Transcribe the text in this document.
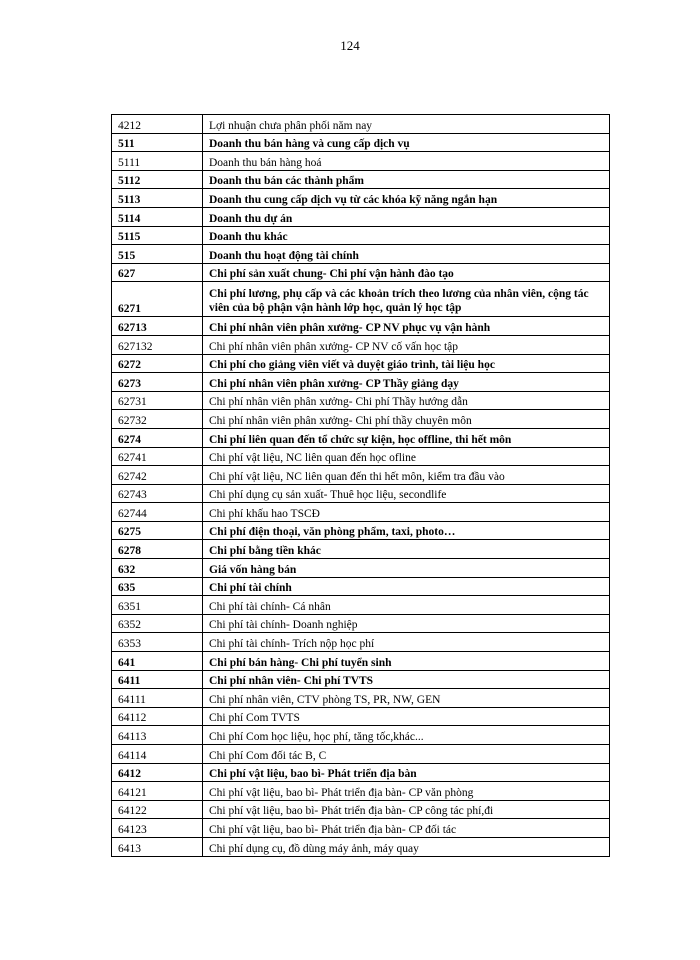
124
4212	Lợi nhuận chưa phân phối năm nay
511	Doanh thu bán hàng và cung cấp dịch vụ
5111	Doanh thu bán hàng hoá
5112	Doanh thu bán các thành phẩm
5113	Doanh thu cung cấp dịch vụ từ các khóa kỹ năng ngắn hạn
5114	Doanh thu dự án
5115	Doanh thu khác
515	Doanh thu hoạt động tài chính
627	Chi phí sản xuất chung- Chi phí vận hành đào tạo
6271	Chi phí lương, phụ cấp và các khoản trích theo lương của nhân viên, cộng tác viên của bộ phận vận hành lớp học, quản lý học tập
62713	Chi phí nhân viên phân xưởng- CP NV phục vụ vận hành
627132	Chi phí nhân viên phân xưởng- CP NV cố vấn học tập
6272	Chi phí cho giảng viên viết và duyệt giáo trình, tài liệu học
6273	Chi phí nhân viên phân xưởng- CP Thầy giảng dạy
62731	Chi phí nhân viên phân xưởng- Chi phí Thầy hướng dẫn
62732	Chi phí nhân viên phân xưởng- Chi phí thầy chuyên môn
6274	Chi phí liên quan đến tổ chức sự kiện, học offline, thi hết môn
62741	Chi phí vật liệu, NC liên quan đến học ofline
62742	Chi phí vật liệu, NC liên quan đến thi hết môn, kiểm tra đầu vào
62743	Chi phí dụng cụ sản xuất- Thuê học liệu, secondlife
62744	Chi phí khấu hao TSCĐ
6275	Chi phí điện thoại, văn phòng phẩm, taxi, photo…
6278	Chi phí bằng tiền khác
632	Giá vốn hàng bán
635	Chi phí tài chính
6351	Chi phí tài chính- Cá nhân
6352	Chi phí tài chính- Doanh nghiệp
6353	Chi phí tài chính- Trích nộp học phí
641	Chi phí bán hàng- Chi phí tuyển sinh
6411	Chi phí nhân viên- Chi phí TVTS
64111	Chi phí nhân viên, CTV phòng TS, PR, NW, GEN
64112	Chi phí Com TVTS
64113	Chi phí Com học liệu, học phí, tăng tốc,khác...
64114	Chi phí Com đối tác B, C
6412	Chi phí vật liệu, bao bì- Phát triển địa bàn
64121	Chi phí vật liệu, bao bì- Phát triển địa bàn- CP văn phòng
64122	Chi phí vật liệu, bao bì- Phát triển địa bàn- CP công tác phí,đi
64123	Chi phí vật liệu, bao bì- Phát triển địa bàn- CP đối tác
6413	Chi phí dụng cụ, đồ dùng máy ảnh, máy quay
